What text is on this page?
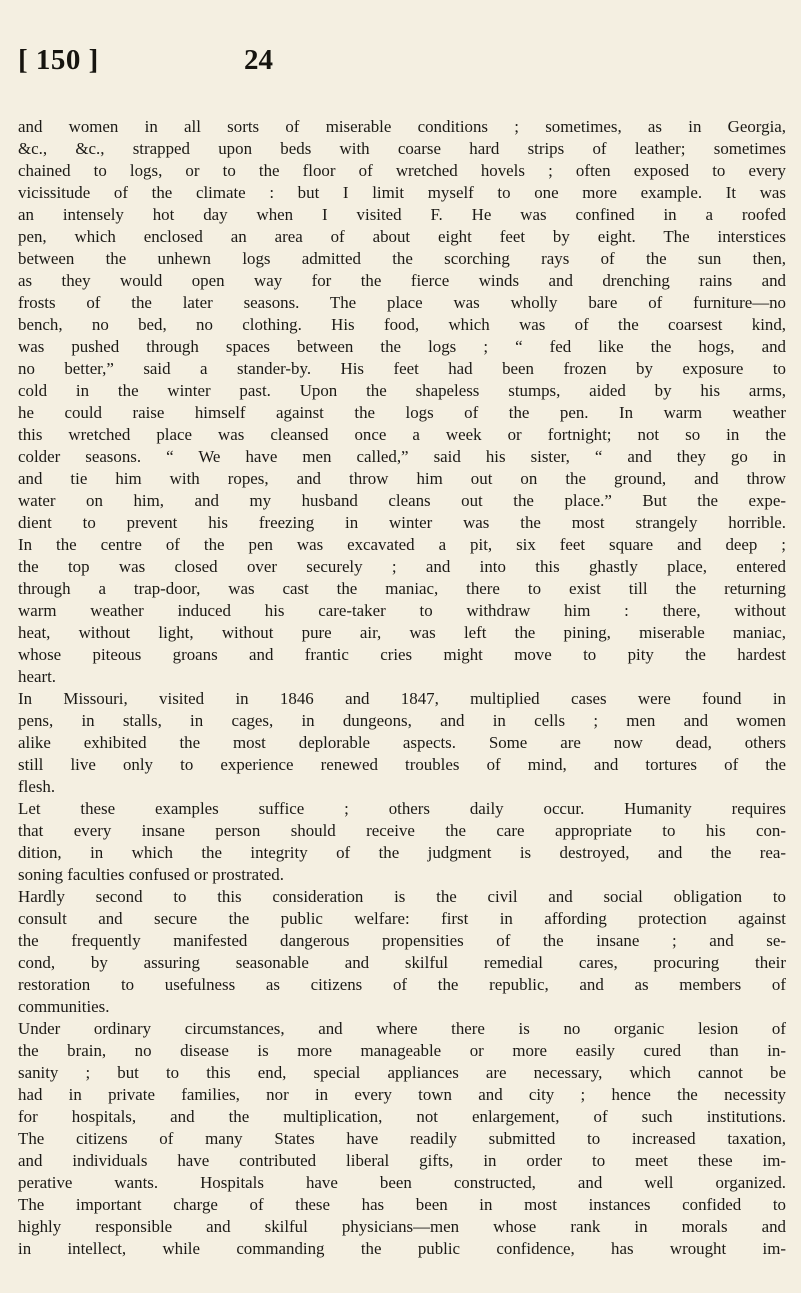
[ 150 ]	24
and women in all sorts of miserable conditions ; sometimes, as in Georgia,
&c., &c., strapped upon beds with coarse hard strips of leather; sometimes
chained to logs, or to the floor of wretched hovels ; often exposed to every
vicissitude of the climate : but I limit myself to one more example. It was
an intensely hot day when I visited F. He was confined in a roofed
pen, which enclosed an area of about eight feet by eight. The interstices
between the unhewn logs admitted the scorching rays of the sun then,
as they would open way for the fierce winds and drenching rains and
frosts of the later seasons. The place was wholly bare of furniture—no
bench, no bed, no clothing. His food, which was of the coarsest kind,
was pushed through spaces between the logs ; “ fed like the hogs, and
no better,” said a stander-by. His feet had been frozen by exposure to
cold in the winter past. Upon the shapeless stumps, aided by his arms,
he could raise himself against the logs of the pen. In warm weather
this wretched place was cleansed once a week or fortnight; not so in the
colder seasons. “ We have men called,” said his sister, “ and they go in
and tie him with ropes, and throw him out on the ground, and throw
water on him, and my husband cleans out the place.” But the expe-
dient to prevent his freezing in winter was the most strangely horrible.
In the centre of the pen was excavated a pit, six feet square and deep ;
the top was closed over securely ; and into this ghastly place, entered
through a trap-door, was cast the maniac, there to exist till the returning
warm weather induced his care-taker to withdraw him : there, without
heat, without light, without pure air, was left the pining, miserable maniac,
whose piteous groans and frantic cries might move to pity the hardest
heart.
In Missouri, visited in 1846 and 1847, multiplied cases were found in
pens, in stalls, in cages, in dungeons, and in cells ; men and women
alike exhibited the most deplorable aspects. Some are now dead, others
still live only to experience renewed troubles of mind, and tortures of the
flesh.
Let these examples suffice ; others daily occur. Humanity requires
that every insane person should receive the care appropriate to his con-
dition, in which the integrity of the judgment is destroyed, and the rea-
soning faculties confused or prostrated.
Hardly second to this consideration is the civil and social obligation to
consult and secure the public welfare: first in affording protection against
the frequently manifested dangerous propensities of the insane ; and se-
cond, by assuring seasonable and skilful remedial cares, procuring their
restoration to usefulness as citizens of the republic, and as members of
communities.
Under ordinary circumstances, and where there is no organic lesion of
the brain, no disease is more manageable or more easily cured than in-
sanity ; but to this end, special appliances are necessary, which cannot be
had in private families, nor in every town and city ; hence the necessity
for hospitals, and the multiplication, not enlargement, of such institutions.
The citizens of many States have readily submitted to increased taxation,
and individuals have contributed liberal gifts, in order to meet these im-
perative wants. Hospitals have been constructed, and well organized.
The important charge of these has been in most instances confided to
highly responsible and skilful physicians—men whose rank in morals and
in intellect, while commanding the public confidence, has wrought im-
